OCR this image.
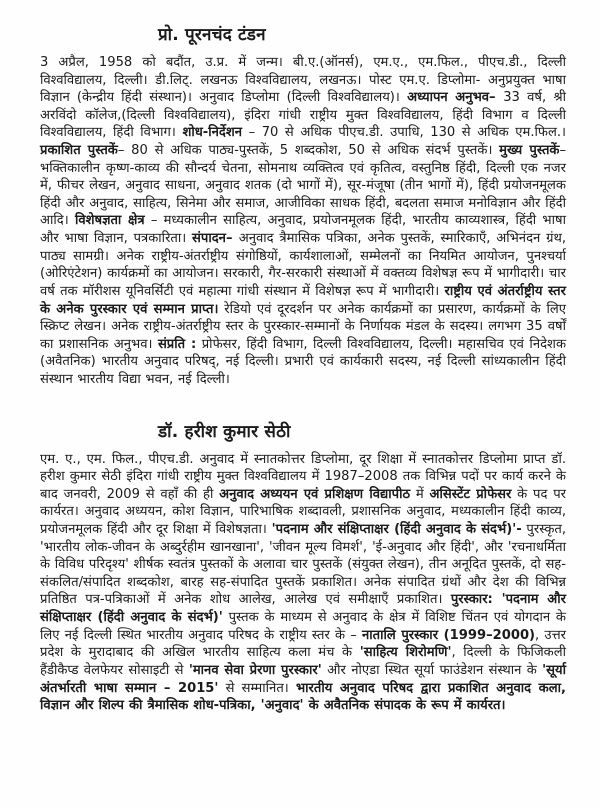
प्रो. पूरनचंद टंडन

3 अप्रैल, 1958 को बदौंत, उ.प्र. में जन्म। बी.ए.(ऑनर्स), एम.ए., एम.फिल., पीएच.डी., दिल्ली विश्वविद्यालय, दिल्ली। डी.लिट्. लखनऊ विश्वविद्यालय, लखनऊ। पोस्ट एम.ए. डिप्लोमा- अनुप्रयुक्त भाषा विज्ञान (केन्द्रीय हिंदी संस्थान)। अनुवाद डिप्लोमा (दिल्ली विश्वविद्यालय)। अध्यापन अनुभव– 33 वर्ष, श्री अरविंदो कॉलेज,(दिल्ली विश्वविद्यालय), इंदिरा गांधी राष्ट्रीय मुक्त विश्वविद्यालय, हिंदी विभाग व दिल्ली विश्वविद्यालय, हिंदी विभाग। शोध-निर्देशन – 70 से अधिक पीएच.डी. उपाधि, 130 से अधिक एम.फिल.। प्रकाशित पुस्तकें– 80 से अधिक पाठ्य-पुस्तकें, 5 शब्दकोश, 50 से अधिक संदर्भ पुस्तकें। मुख्य पुस्तकें– भक्तिकालीन कृष्ण-काव्य की सौन्दर्य चेतना, सोमनाथ व्यक्तित्व एवं कृतित्व, वस्तुनिष्ठ हिंदी, दिल्ली एक नजर में, फीचर लेखन, अनुवाद साधना, अनुवाद शतक (दो भागों में), सूर-मंजूषा (तीन भागों में), हिंदी प्रयोजनमूलक हिंदी और अनुवाद, साहित्य, सिनेमा और समाज, आजीविका साधक हिंदी, बदलता समाज मनोविज्ञान और हिंदी आदि। विशेषज्ञता क्षेत्र – मध्यकालीन साहित्य, अनुवाद, प्रयोजनमूलक हिंदी, भारतीय काव्यशास्त्र, हिंदी भाषा और भाषा विज्ञान, पत्रकारिता। संपादन– अनुवाद त्रैमासिक पत्रिका, अनेक पुस्तकें, स्मारिकाएँ, अभिनंदन ग्रंथ, पाठ्य सामग्री। अनेक राष्ट्रीय-अंतर्राष्ट्रीय संगोष्ठियों, कार्यशालाओं, सम्मेलनों का नियमित आयोजन, पुनश्चर्या (ओरिएंटेशन) कार्यक्रमों का आयोजन। सरकारी, गैर-सरकारी संस्थाओं में वक्तव्य विशेषज्ञ रूप में भागीदारी। चार वर्ष तक मॉरीशस यूनिवर्सिटी एवं महात्मा गांधी संस्थान में विशेषज्ञ रूप में भागीदारी। राष्ट्रीय एवं अंतर्राष्ट्रीय स्तर के अनेक पुरस्कार एवं सम्मान प्राप्त। रेडियो एवं दूरदर्शन पर अनेक कार्यक्रमों का प्रसारण, कार्यक्रमों के लिए स्क्रिप्ट लेखन। अनेक राष्ट्रीय-अंतर्राष्ट्रीय स्तर के पुरस्कार-सम्मानों के निर्णायक मंडल के सदस्य। लगभग 35 वर्षों का प्रशासनिक अनुभव। संप्रति : प्रोफेसर, हिंदी विभाग, दिल्ली विश्वविद्यालय, दिल्ली। महासचिव एवं निदेशक (अवैतनिक) भारतीय अनुवाद परिषद्, नई दिल्ली। प्रभारी एवं कार्यकारी सदस्य, नई दिल्ली सांध्यकालीन हिंदी संस्थान भारतीय विद्या भवन, नई दिल्ली।

डॉ. हरीश कुमार सेठी

एम. ए., एम. फिल., पीएच.डी. अनुवाद में स्नातकोत्तर डिप्लोमा, दूर शिक्षा में स्नातकोत्तर डिप्लोमा प्राप्त डॉ. हरीश कुमार सेठी इंदिरा गांधी राष्ट्रीय मुक्त विश्वविद्यालय में 1987–2008 तक विभिन्न पदों पर कार्य करने के बाद जनवरी, 2009 से वहाँ की ही अनुवाद अध्ययन एवं प्रशिक्षण विद्यापीठ में असिस्टेंट प्रोफेसर के पद पर कार्यरत। अनुवाद अध्ययन, कोश विज्ञान, पारिभाषिक शब्दावली, प्रशासनिक अनुवाद, मध्यकालीन हिंदी काव्य, प्रयोजनमूलक हिंदी और दूर शिक्षा में विशेषज्ञता। 'पदनाम और संक्षिप्ताक्षर (हिंदी अनुवाद के संदर्भ)'- पुरस्कृत, 'भारतीय लोक-जीवन के अब्दुर्रहीम खानखाना', 'जीवन मूल्य विमर्श', 'ई-अनुवाद और हिंदी', और 'रचनाधर्मिता के विविध परिदृश्य' शीर्षक स्वतंत्र पुस्तकों के अलावा चार पुस्तकें (संयुक्त लेखन), तीन अनूदित पुस्तकें, दो सह-संकलित/संपादित शब्दकोश, बारह सह-संपादित पुस्तकें प्रकाशित। अनेक संपादित ग्रंथों और देश की विभिन्न प्रतिष्ठित पत्र-पत्रिकाओं में अनेक शोध आलेख, आलेख एवं समीक्षाएँ प्रकाशित। पुरस्कार: 'पदनाम और संक्षिप्ताक्षर (हिंदी अनुवाद के संदर्भ)' पुस्तक के माध्यम से अनुवाद के क्षेत्र में विशिष्ट चिंतन एवं योगदान के लिए नई दिल्ली स्थित भारतीय अनुवाद परिषद के राष्ट्रीय स्तर के – नातालि पुरस्कार (1999–2000), उत्तर प्रदेश के मुरादाबाद की अखिल भारतीय साहित्य कला मंच के 'साहित्य शिरोमणि', दिल्ली के फिजिकली हैंडीकैप्ड वेलफेयर सोसाइटी से 'मानव सेवा प्रेरणा पुरस्कार' और नोएडा स्थित सूर्या फाउंडेशन संस्थान के 'सूर्या अंतर्भारती भाषा सम्मान – 2015' से सम्मानित। भारतीय अनुवाद परिषद द्वारा प्रकाशित अनुवाद कला, विज्ञान और शिल्प की त्रैमासिक शोध-पत्रिका, 'अनुवाद' के अवैतनिक संपादक के रूप में कार्यरत।
